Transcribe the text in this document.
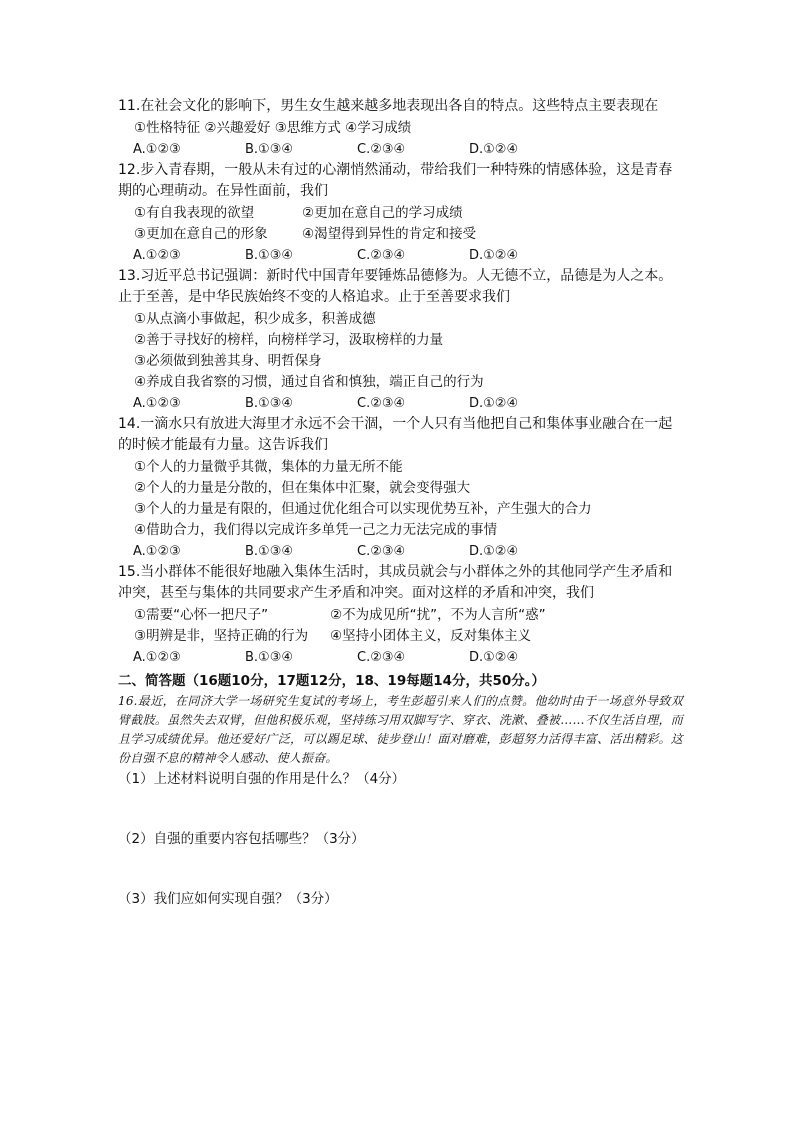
11.在社会文化的影响下，男生女生越来越多地表现出各自的特点。这些特点主要表现在
①性格特征 ②兴趣爱好 ③思维方式 ④学习成绩
A.①②③	B.①③④	C.②③④	D.①②④
12.步入青春期，一般从未有过的心潮悄然涌动，带给我们一种特殊的情感体验，这是青春期的心理萌动。在异性面前，我们
①有自我表现的欲望	②更加在意自己的学习成绩
③更加在意自己的形象	④渴望得到异性的肯定和接受
A.①②③	B.①③④	C.②③④	D.①②④
13.习近平总书记强调：新时代中国青年要锤炼品德修为。人无德不立，品德是为人之本。止于至善，是中华民族始终不变的人格追求。止于至善要求我们
①从点滴小事做起，积少成多，积善成德
②善于寻找好的榜样，向榜样学习，汲取榜样的力量
③必须做到独善其身、明哲保身
④养成自我省察的习惯，通过自省和慎独，端正自己的行为
A.①②③	B.①③④	C.②③④	D.①②④
14.一滴水只有放进大海里才永远不会干涸，一个人只有当他把自己和集体事业融合在一起的时候才能最有力量。这告诉我们
①个人的力量微乎其微，集体的力量无所不能
②个人的力量是分散的，但在集体中汇聚，就会变得强大
③个人的力量是有限的，但通过优化组合可以实现优势互补，产生强大的合力
④借助合力，我们得以完成许多单凭一己之力无法完成的事情
A.①②③	B.①③④	C.②③④	D.①②④
15.当小群体不能很好地融入集体生活时，其成员就会与小群体之外的其他同学产生矛盾和冲突，甚至与集体的共同要求产生矛盾和冲突。面对这样的矛盾和冲突，我们
①需要“心怀一把尺子”	②不为成见所“扰”，不为人言所“惑”
③明辨是非，坚持正确的行为	④坚持小团体主义，反对集体主义
A.①②③	B.①③④	C.②③④	D.①②④
二、简答题（16题10分，17题12分，18、19每题14分，共50分。）
16.最近，在同济大学一场研究生复试的考场上，考生彭超引来人们的点赞。他幼时由于一场意外导致双臂截肢。虽然失去双臂，但他积极乐观，坚持练习用双脚写字、穿衣、洗漱、叠被……不仅生活自理，而且学习成绩优异。他还爱好广泛，可以踢足球、徒步登山！面对磨难，彭超努力活得丰富、活出精彩。这份自强不息的精神令人感动、使人振奋。
（1）上述材料说明自强的作用是什么？（4分）
（2）自强的重要内容包括哪些？（3分）
（3）我们应如何实现自强？（3分）
